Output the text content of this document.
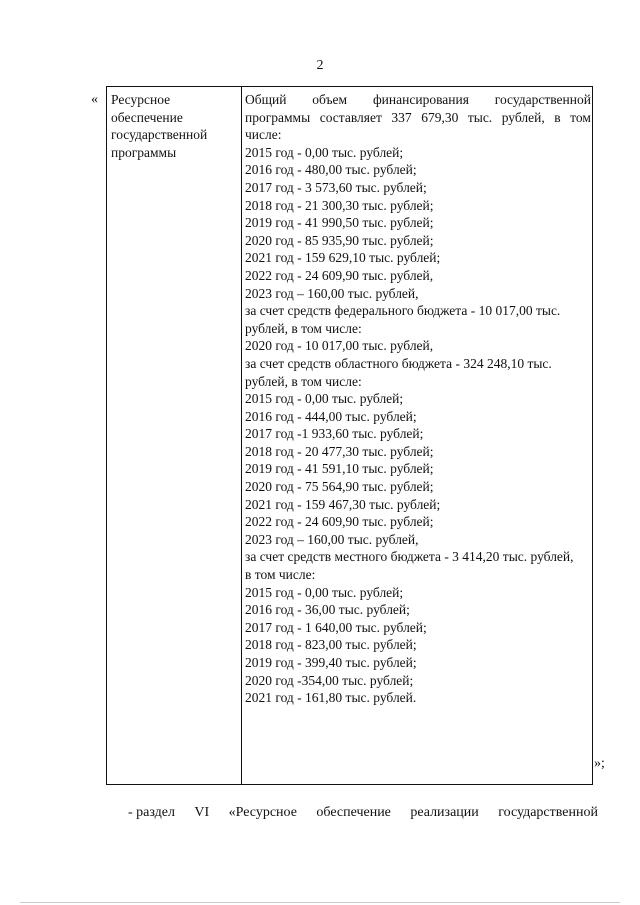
2
« Ресурсное
обеспечение
государственной
программы
Общий объем финансирования государственной
программы составляет 337 679,30 тыс. рублей, в том
числе:
2015 год - 0,00 тыс. рублей;
2016 год - 480,00 тыс. рублей;
2017 год - 3 573,60 тыс. рублей;
2018 год - 21 300,30 тыс. рублей;
2019 год - 41 990,50 тыс. рублей;
2020 год - 85 935,90 тыс. рублей;
2021 год - 159 629,10 тыс. рублей;
2022 год - 24 609,90 тыс. рублей,
2023 год – 160,00 тыс. рублей,
за счет средств федерального бюджета - 10 017,00 тыс.
рублей, в том числе:
2020 год - 10 017,00 тыс. рублей,
за счет средств областного бюджета - 324 248,10 тыс.
рублей, в том числе:
2015 год - 0,00 тыс. рублей;
2016 год - 444,00 тыс. рублей;
2017 год -1 933,60 тыс. рублей;
2018 год - 20 477,30 тыс. рублей;
2019 год - 41 591,10 тыс. рублей;
2020 год - 75 564,90 тыс. рублей;
2021 год - 159 467,30 тыс. рублей;
2022 год - 24 609,90 тыс. рублей;
2023 год – 160,00 тыс. рублей,
за счет средств местного бюджета - 3 414,20 тыс. рублей,
в том числе:
2015 год - 0,00 тыс. рублей;
2016 год - 36,00 тыс. рублей;
2017 год - 1 640,00 тыс. рублей;
2018 год - 823,00 тыс. рублей;
2019 год - 399,40 тыс. рублей;
2020 год -354,00 тыс. рублей;
2021 год - 161,80 тыс. рублей.
»;
- раздел VI «Ресурсное обеспечение реализации государственной
